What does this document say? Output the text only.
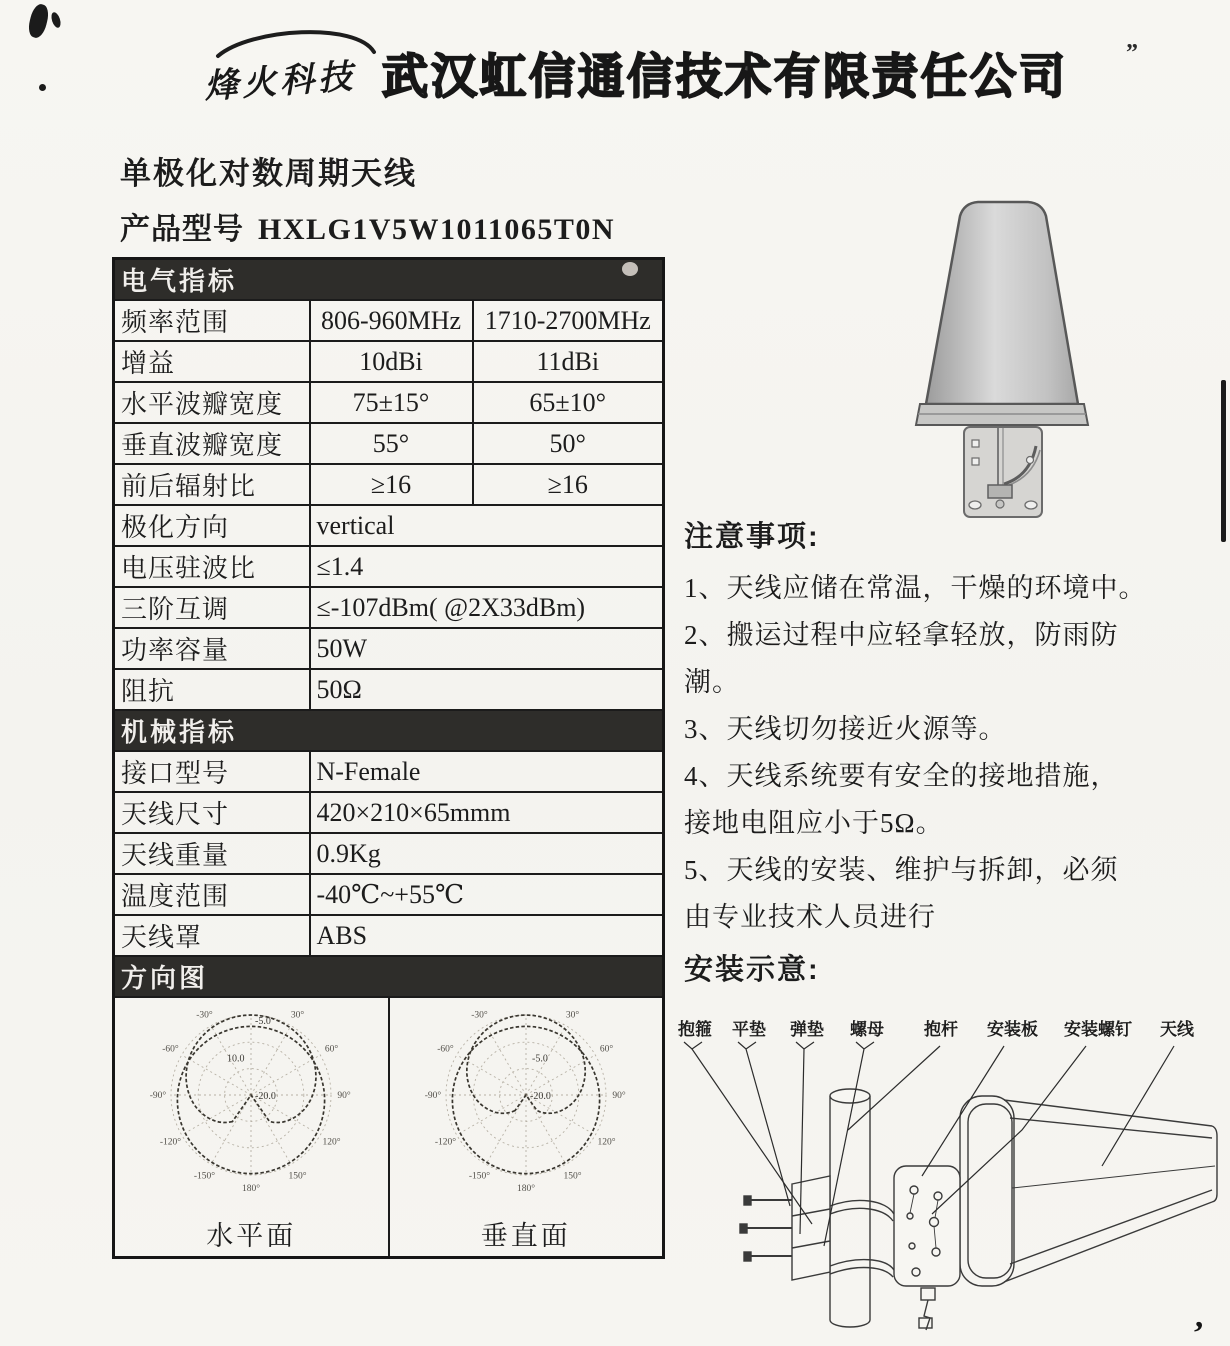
”
,
烽火科技 武汉虹信通信技术有限责任公司
单极化对数周期天线
产品型号 HXLG1V5W1011065T0N
电气指标		
频率范围	806-960MHz	1710-2700MHz
增益	10dBi	11dBi
水平波瓣宽度	75±15°	65±10°
垂直波瓣宽度	55°	50°
前后辐射比	≥16	≥16
极化方向	vertical	
电压驻波比	≤1.4	
三阶互调	≤-107dBm( @2X33dBm)	
功率容量	50W	
阻抗	50Ω	
机械指标		
接口型号	N-Female	
天线尺寸	420×210×65mmm	
天线重量	0.9Kg	
温度范围	-40℃~+55℃	
天线罩	ABS	
方向图		

-30°	30°
-60°	60°
-90°	90°
-120°	120°
-150°	150°
180°
-5.0
10.0
-20.0
水平面
-30°	30°
-60°	60°
-90°	90°
-120°	120°
-150°	150°
180°
-5.0
-20.0
垂直面
注意事项:
1、天线应储在常温，干燥的环境中。
2、搬运过程中应轻拿轻放，防雨防
潮。
3、天线切勿接近火源等。
4、天线系统要有安全的接地措施，
接地电阻应小于5Ω。
5、天线的安装、维护与拆卸，必须
由专业技术人员进行
安装示意:
抱箍 平垫 弹垫 螺母 抱杆 安装板 安装螺钉 天线
